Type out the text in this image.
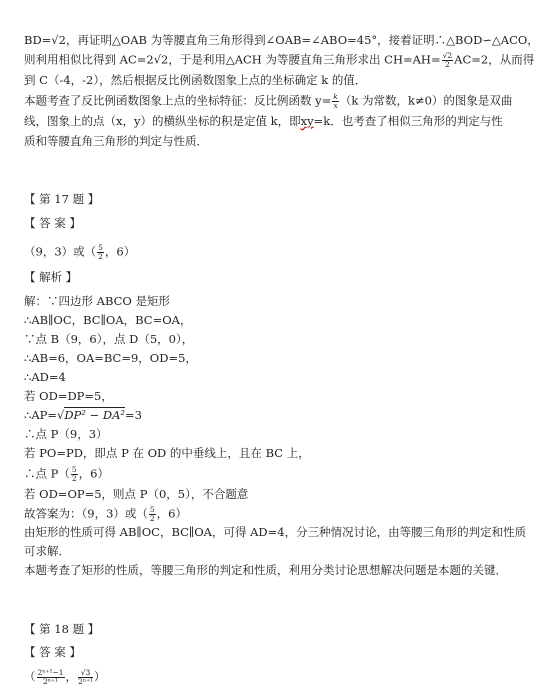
BD=√2，再证明△OAB 为等腰直角三角形得到∠OAB=∠ABO=45°，接着证明∴△BOD∽△ACO，
则利用相似比得到 AC=2√2，于是利用△ACH 为等腰直角三角形求出 $CH=AH= \frac{√2}{2} AC=2$，从而得
到 C（-4，-2），然后根据反比例函数图象上点的坐标确定 k 的值．
本题考查了反比例函数图象上点的坐标特征：反比例函数 $y= \frac{k}{x} (k$ 为常数，k≠0）的图象是双曲
线，图象上的点（x，y）的横纵坐标的积是定值 k，即xy=k．也考查了相似三角形的判定与性
质和等腰直角三角形的判定与性质．
【 第 17 题 】
【 答 案 】
（9，3）或（ $\frac{5}{2}$ ，6）
【 解析 】
解：∵四边形 ABCO 是矩形
∴AB∥OC，BC∥OA，BC=OA，
∵点 B（9，6），点 D（5，0），
∴AB=6，OA=BC=9，OD=5，
∴AD=4
若 OD=DP=5，
∴AP=√DP² − DA²=3
∴点 P（9，3）
若 PO=PD，即点 P 在 OD 的中垂线上，且在 BC 上，
∴点 $P( \frac{5}{2}$ ，6）
若 OD=OP=5，则点 P（0，5），不合题意
故答案为：（9，3）或（ $\frac{5}{2}$ ，6）
由矩形的性质可得 AB∥OC，BC∥OA，可得 AD=4，分三种情况讨论，由等腰三角形的判定和性质
可求解．
本题考查了矩形的性质，等腰三角形的判定和性质，利用分类讨论思想解决问题是本题的关键．
【 第 18 题 】
【 答 案 】
（ $\frac{\text{2ⁿ⁺¹−1}}{\text{2ⁿ⁺¹}}$ ， $\frac{√3}{\text{2ⁿ⁺¹}}$ ）
